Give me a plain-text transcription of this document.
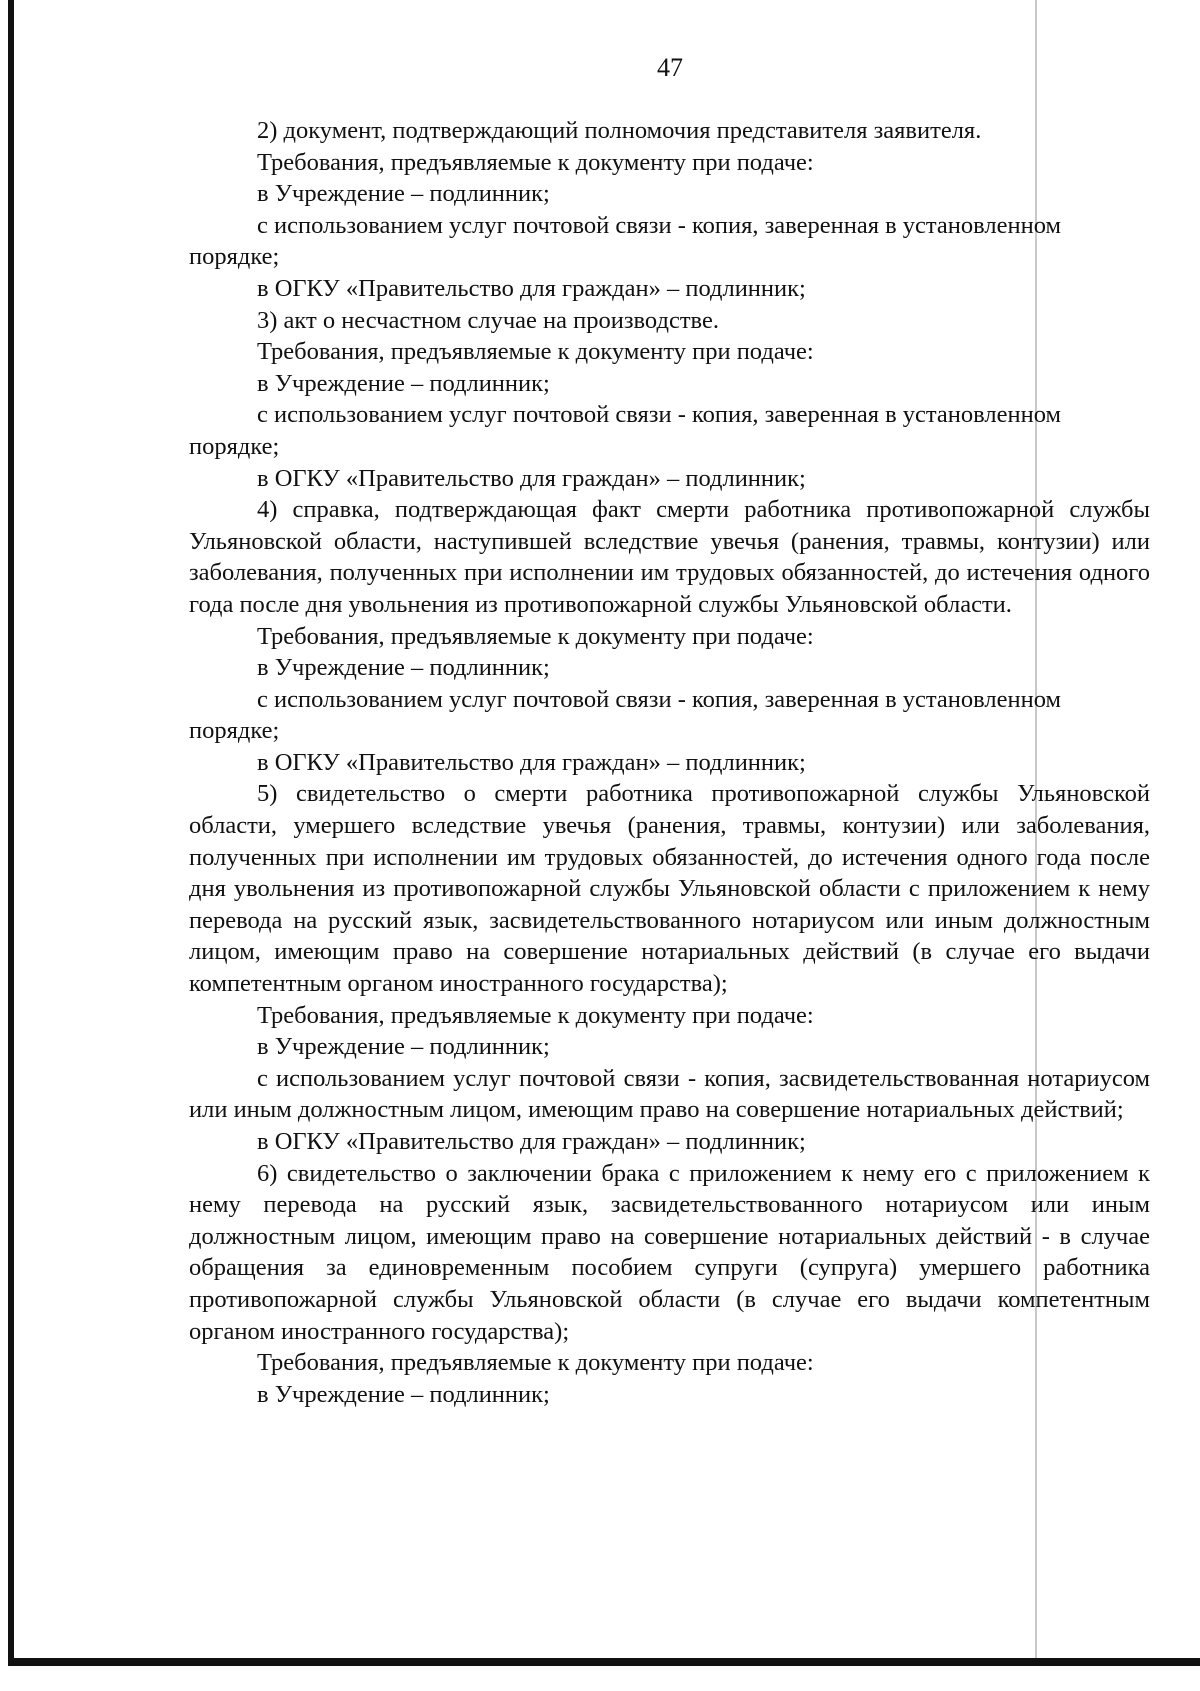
47

2) документ, подтверждающий полномочия представителя заявителя.

Требования, предъявляемые к документу при подаче:

в Учреждение – подлинник;

с использованием услуг почтовой связи - копия, заверенная в установленном порядке;

в ОГКУ «Правительство для граждан» – подлинник;

3) акт о несчастном случае на производстве.

Требования, предъявляемые к документу при подаче:

в Учреждение – подлинник;

с использованием услуг почтовой связи - копия, заверенная в установленном порядке;

в ОГКУ «Правительство для граждан» – подлинник;

4) справка, подтверждающая факт смерти работника противопожарной службы Ульяновской области, наступившей вследствие увечья (ранения, травмы, контузии) или заболевания, полученных при исполнении им трудовых обязанностей, до истечения одного года после дня увольнения из противопожарной службы Ульяновской области.

Требования, предъявляемые к документу при подаче:

в Учреждение – подлинник;

с использованием услуг почтовой связи - копия, заверенная в установленном порядке;

в ОГКУ «Правительство для граждан» – подлинник;

5) свидетельство о смерти работника противопожарной службы Ульяновской области, умершего вследствие увечья (ранения, травмы, контузии) или заболевания, полученных при исполнении им трудовых обязанностей, до истечения одного года после дня увольнения из противопожарной службы Ульяновской области с приложением к нему перевода на русский язык, засвидетельствованного нотариусом или иным должностным лицом, имеющим право на совершение нотариальных действий (в случае его выдачи компетентным органом иностранного государства);

Требования, предъявляемые к документу при подаче:

в Учреждение – подлинник;

с использованием услуг почтовой связи - копия, засвидетельствованная нотариусом или иным должностным лицом, имеющим право на совершение нотариальных действий;

в ОГКУ «Правительство для граждан» – подлинник;

6) свидетельство о заключении брака с приложением к нему его с приложением к нему перевода на русский язык, засвидетельствованного нотариусом или иным должностным лицом, имеющим право на совершение нотариальных действий - в случае обращения за единовременным пособием супруги (супруга) умершего работника противопожарной службы Ульяновской области (в случае его выдачи компетентным органом иностранного государства);

Требования, предъявляемые к документу при подаче:

в Учреждение – подлинник;
